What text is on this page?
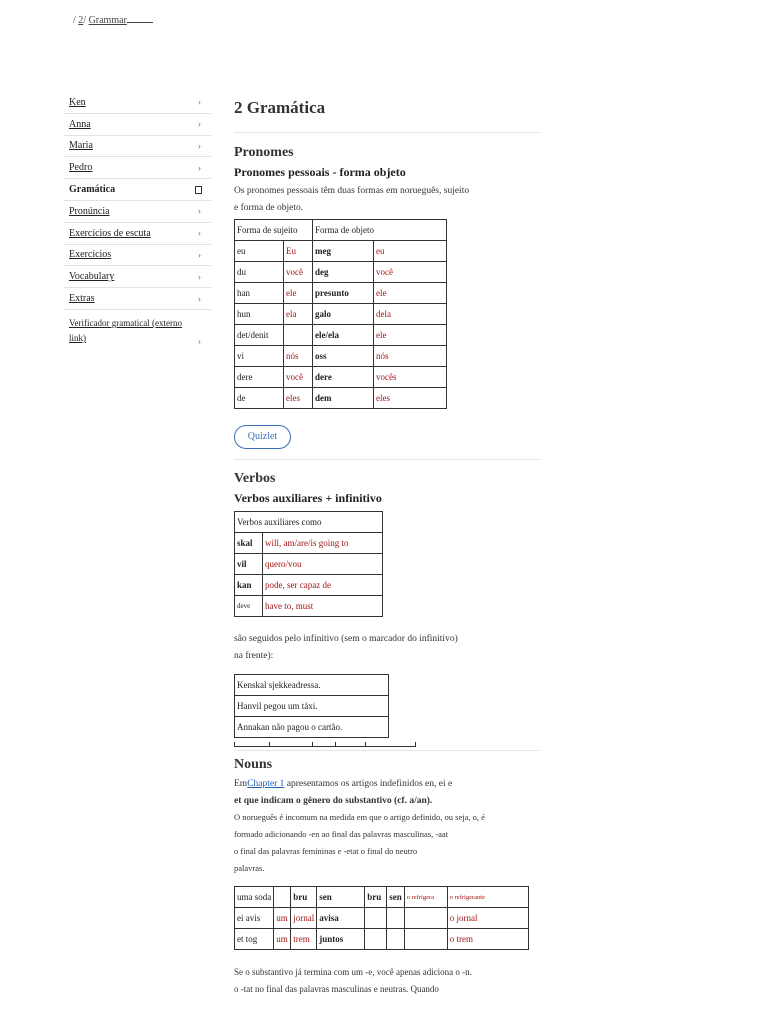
/ 2/ Grammar
Ken	›
Anna	›
Maria	›
Pedro	›
Gramática
Pronúncia	›
Exercícios de escuta	›
Exercícios	›
Vocabulary	›
Extras	›
Verificador gramatical (externo link)	›
2 Gramática
Pronomes
Pronomes pessoais - forma objeto

Os pronomes pessoais têm duas formas em norueguês, sujeito
e forma de objeto.

Forma de sujeito		Forma de objeto	
eu	Eu	meg	eu
du	você	deg	você
han	ele	presunto	ele
hun	ela	galo	dela
det/denit		ele/ela	ele
vi	nós	oss	nós
dere	você	dere	vocês
de	eles	dem	eles
Quizlet
Verbos
Verbos auxiliares + infinitivo
Verbos auxiliares como	
skal	will, am/are/is going to
vil	quero/vou
kan	pode, ser capaz de
deve	have to, must

são seguidos pelo infinitivo (sem o marcador do infinitivo)
na frente):

Kenskal sjekkeadressa.
Hanvil pegou um táxi.
Annakan não pagou o cartão.
Nouns

EmChapter 1 apresentamos os artigos indefinidos en, ei e
et que indicam o gênero do substantivo (cf. a/an).

O norueguês é incomum na medida em que o artigo definido, ou seja, o, é
formado adicionando -en ao final das palavras masculinas, -aat
o final das palavras femininas e -etat o final do neutro
palavras.

uma soda		bru	sen	bru	sen	o refrigera	o refrigerante
ei avis	um	jornal	avisa				o jornal
et tog	um	trem	juntos				o trem

Se o substantivo já termina com um -e, você apenas adiciona o -n.
o -tat no final das palavras masculinas e neutras. Quando
